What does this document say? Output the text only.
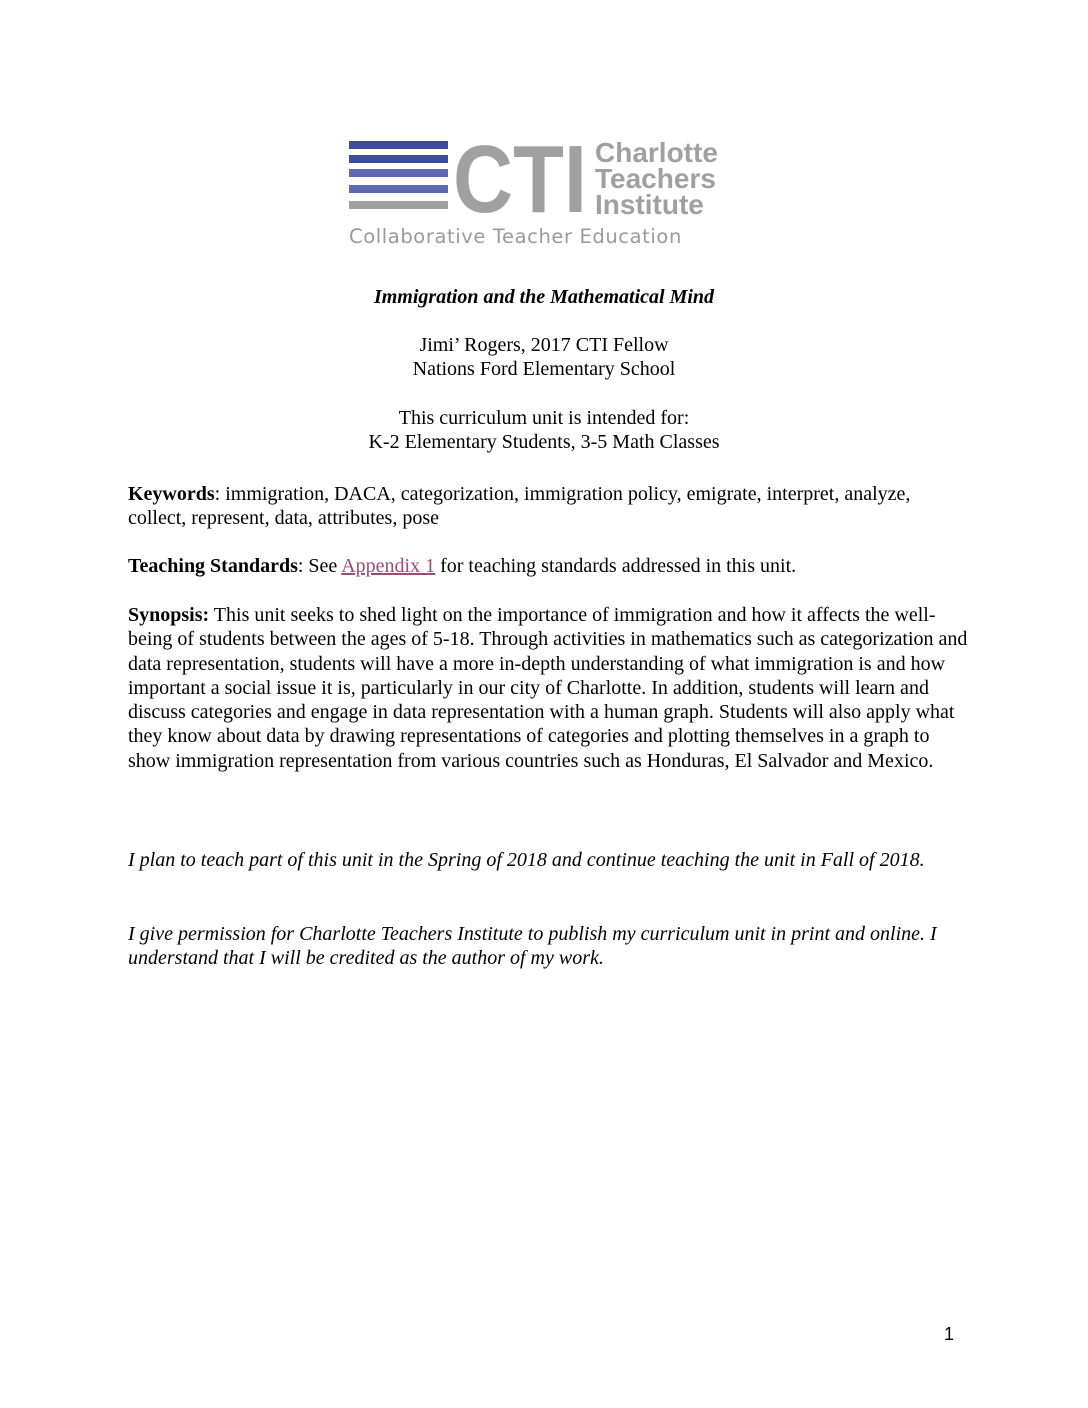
CTI Charlotte
Teachers
Institute
Collaborative Teacher Education
Immigration and the Mathematical Mind
Jimi’ Rogers, 2017 CTI Fellow
Nations Ford Elementary School
This curriculum unit is intended for:
K-2 Elementary Students, 3-5 Math Classes
Keywords: immigration, DACA, categorization, immigration policy, emigrate, interpret, analyze, collect, represent, data, attributes, pose
Teaching Standards: See Appendix 1 for teaching standards addressed in this unit.
Synopsis: This unit seeks to shed light on the importance of immigration and how it affects the well-being of students between the ages of 5-18. Through activities in mathematics such as categorization and data representation, students will have a more in-depth understanding of what immigration is and how important a social issue it is, particularly in our city of Charlotte. In addition, students will learn and discuss categories and engage in data representation with a human graph. Students will also apply what they know about data by drawing representations of categories and plotting themselves in a graph to show immigration representation from various countries such as Honduras, El Salvador and Mexico.
I plan to teach part of this unit in the Spring of 2018 and continue teaching the unit in Fall of 2018.
I give permission for Charlotte Teachers Institute to publish my curriculum unit in print and online. I understand that I will be credited as the author of my work.
1
